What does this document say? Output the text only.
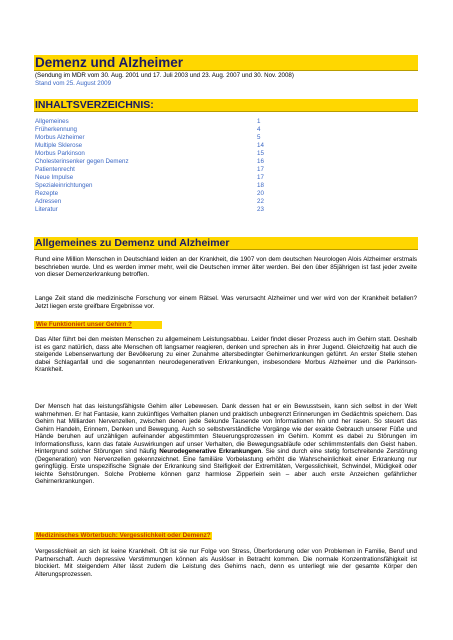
Demenz und Alzheimer
(Sendung im MDR vom 30. Aug. 2001 und 17. Juli 2003 und 23. Aug. 2007 und 30. Nov. 2008)
Stand vom 25. August 2009
INHALTSVERZEICHNIS:
Allgemeines	1
Früherkennung	4
Morbus Alzheimer	5
Multiple Sklerose	14
Morbus Parkinson	15
Cholesterinsenker gegen Demenz	16
Patientenrecht	17
Neue Impulse	17
Spezialeinrichtungen	18
Rezepte	20
Adressen	22
Literatur	23
Allgemeines zu Demenz und Alzheimer

Rund eine Million Menschen in Deutschland leiden an der Krankheit, die 1907 von dem deutschen Neurologen Alois Alzheimer erstmals beschrieben wurde. Und es werden immer mehr, weil die Deutschen immer älter werden. Bei den über 85jährigen ist fast jeder zweite von dieser Demenzerkrankung betroffen.

Lange Zeit stand die medizinische Forschung vor einem Rätsel. Was verursacht Alzheimer und wer wird von der Krankheit befallen? Jetzt liegen erste greifbare Ergebnisse vor.

Wie Funktioniert unser Gehirn ?

Das Alter führt bei den meisten Menschen zu allgemeinem Leistungsabbau. Leider findet dieser Prozess auch im Gehirn statt. Deshalb ist es ganz natürlich, dass alte Menschen oft langsamer reagieren, denken und sprechen als in ihrer Jugend. Gleichzeitig hat auch die steigende Lebenserwartung der Bevölkerung zu einer Zunahme altersbedingter Gehirnerkrankungen geführt. An erster Stelle stehen dabei Schlaganfall und die sogenannten neurodegenerativen Erkrankungen, insbesondere Morbus Alzheimer und die Parkinson-Krankheit.

Der Mensch hat das leistungsfähigste Gehirn aller Lebewesen. Dank dessen hat er ein Bewusstsein, kann sich selbst in der Welt wahrnehmen. Er hat Fantasie, kann zukünftiges Verhalten planen und praktisch unbegrenzt Erinnerungen im Gedächtnis speichern. Das Gehirn hat Milliarden Nervenzellen, zwischen denen jede Sekunde Tausende von Informationen hin und her rasen. So steuert das Gehirn Handeln, Erinnern, Denken und Bewegung. Auch so selbstverständliche Vorgänge wie der exakte Gebrauch unserer Füße und Hände beruhen auf unzähligen aufeinander abgestimmten Steuerungsprozessen im Gehirn. Kommt es dabei zu Störungen im Informationsfluss, kann das fatale Auswirkungen auf unser Verhalten, die Bewegungsabläufe oder schlimmstenfalls den Geist haben. Hintergrund solcher Störungen sind häufig Neurodegenerative Erkrankungen. Sie sind durch eine stetig fortschreitende Zerstörung (Degeneration) von Nervenzellen gekennzeichnet. Eine familiäre Vorbelastung erhöht die Wahrscheinlichkeit einer Erkrankung nur geringfügig. Erste unspezifische Signale der Erkrankung sind Steifigkeit der Extremitäten, Vergesslichkeit, Schwindel, Müdigkeit oder leichte Sehstörungen. Solche Probleme können ganz harmlose Zipperlein sein – aber auch erste Anzeichen gefährlicher Gehirnerkrankungen.

Medizinisches Wörterbuch: Vergesslichkeit oder Demenz?

Vergesslichkeit an sich ist keine Krankheit. Oft ist sie nur Folge von Stress, Überforderung oder von Problemen in Familie, Beruf und Partnerschaft. Auch depressive Verstimmungen können als Auslöser in Betracht kommen. Die normale Konzentrationsfähigkeit ist blockiert. Mit steigendem Alter lässt zudem die Leistung des Gehirns nach, denn es unterliegt wie der gesamte Körper den Alterungsprozessen.
